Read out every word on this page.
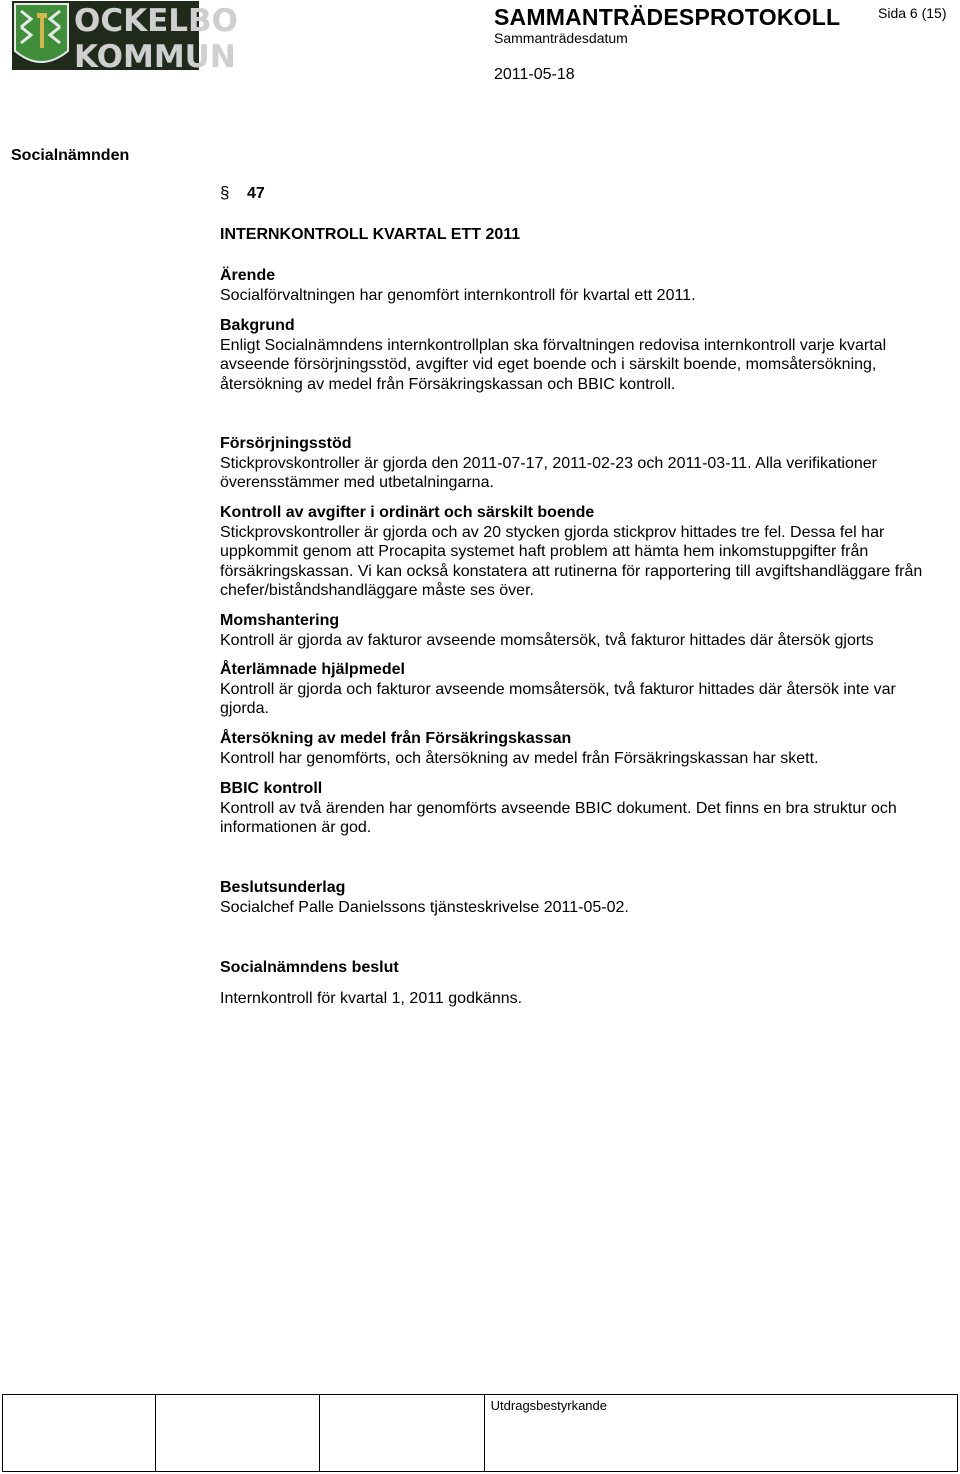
OCKELBO
KOMMUN
SAMMANTRÄDESPROTOKOLL
Sammanträdesdatum
Sida 6 (15)
2011-05-18
Socialnämnden
§ 47
INTERNKONTROLL KVARTAL ETT 2011
Ärende
Socialförvaltningen har genomfört internkontroll för kvartal ett 2011.
Bakgrund
Enligt Socialnämndens internkontrollplan ska förvaltningen redovisa internkontroll varje kvartal
avseende försörjningsstöd, avgifter vid eget boende och i särskilt boende, momsåtersökning,
återsökning av medel från Försäkringskassan och BBIC kontroll.
Försörjningsstöd
Stickprovskontroller är gjorda den 2011-07-17, 2011-02-23 och 2011-03-11. Alla verifikationer
överensstämmer med utbetalningarna.
Kontroll av avgifter i ordinärt och särskilt boende
Stickprovskontroller är gjorda och av 20 stycken gjorda stickprov hittades tre fel. Dessa fel har
uppkommit genom att Procapita systemet haft problem att hämta hem inkomstuppgifter från
försäkringskassan. Vi kan också konstatera att rutinerna för rapportering till avgiftshandläggare från
chefer/biståndshandläggare måste ses över.
Momshantering
Kontroll är gjorda av fakturor avseende momsåtersök, två fakturor hittades där återsök gjorts
Återlämnade hjälpmedel
Kontroll är gjorda och fakturor avseende momsåtersök, två fakturor hittades där återsök inte var
gjorda.
Återsökning av medel från Försäkringskassan
Kontroll har genomförts, och återsökning av medel från Försäkringskassan har skett.
BBIC kontroll
Kontroll av två ärenden har genomförts avseende BBIC dokument. Det finns en bra struktur och
informationen är god.
Beslutsunderlag
Socialchef Palle Danielssons tjänsteskrivelse 2011-05-02.
Socialnämndens beslut
Internkontroll för kvartal 1, 2011 godkänns.

Utdragsbestyrkande
